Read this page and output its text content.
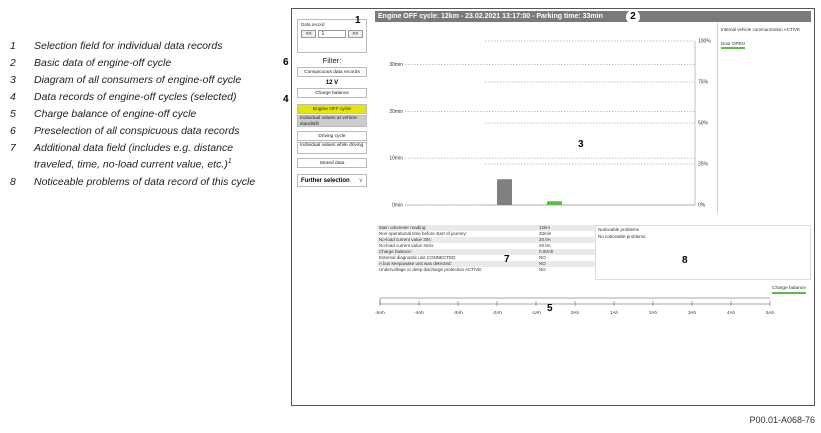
1	Selection field for individual data records
2	Basic data of engine-off cycle
3	Diagram of all consumers of engine-off cycle
4	Data records of engine-off cycles (selected)
5	Charge balance of engine-off cycle
6	Preselection of all conspicuous data records
7	Additional data field (includes e.g. distance traveled, time, no-load current value, etc.)$^1$
8	Noticeable problems of data record of this cycle
Data record
<<	1	>>
Filter:
Conspicuous data records
12 V
Charge balance
Engine OFF cycle
Individual values at vehicle standstill
Driving cycle
Individual values while driving
Stored data
Further selection ∨
Engine OFF cycle: 12km - 23.02.2021 13:17:00 - Parking time: 33min
0min
10min
20min
30min
0%
25%
50%
75%
100%
Internal vehicle communication ACTIVE
Door OPEN
Main odometer reading:	12km
Non-operational time before start of journey:	33min
No-load current value 30s:	20.0A
No-load current value 3min:	20.0A
Charge balance:	0.00Ah
External diagnostic unit CONNECTED:	NO
A bus keepawake unit was detected:	NO
Undervoltage or deep discharge protection ACTIVE:	NO
Noticeable problems
No noticeable problems.
Charge balance
-5Ah	-4Ah	-3Ah	-2Ah	-1Ah	0Ah	1Ah	2Ah	3Ah	4Ah	5Ah
1	2
3
4
5
6
7	8
P00.01-A068-76
